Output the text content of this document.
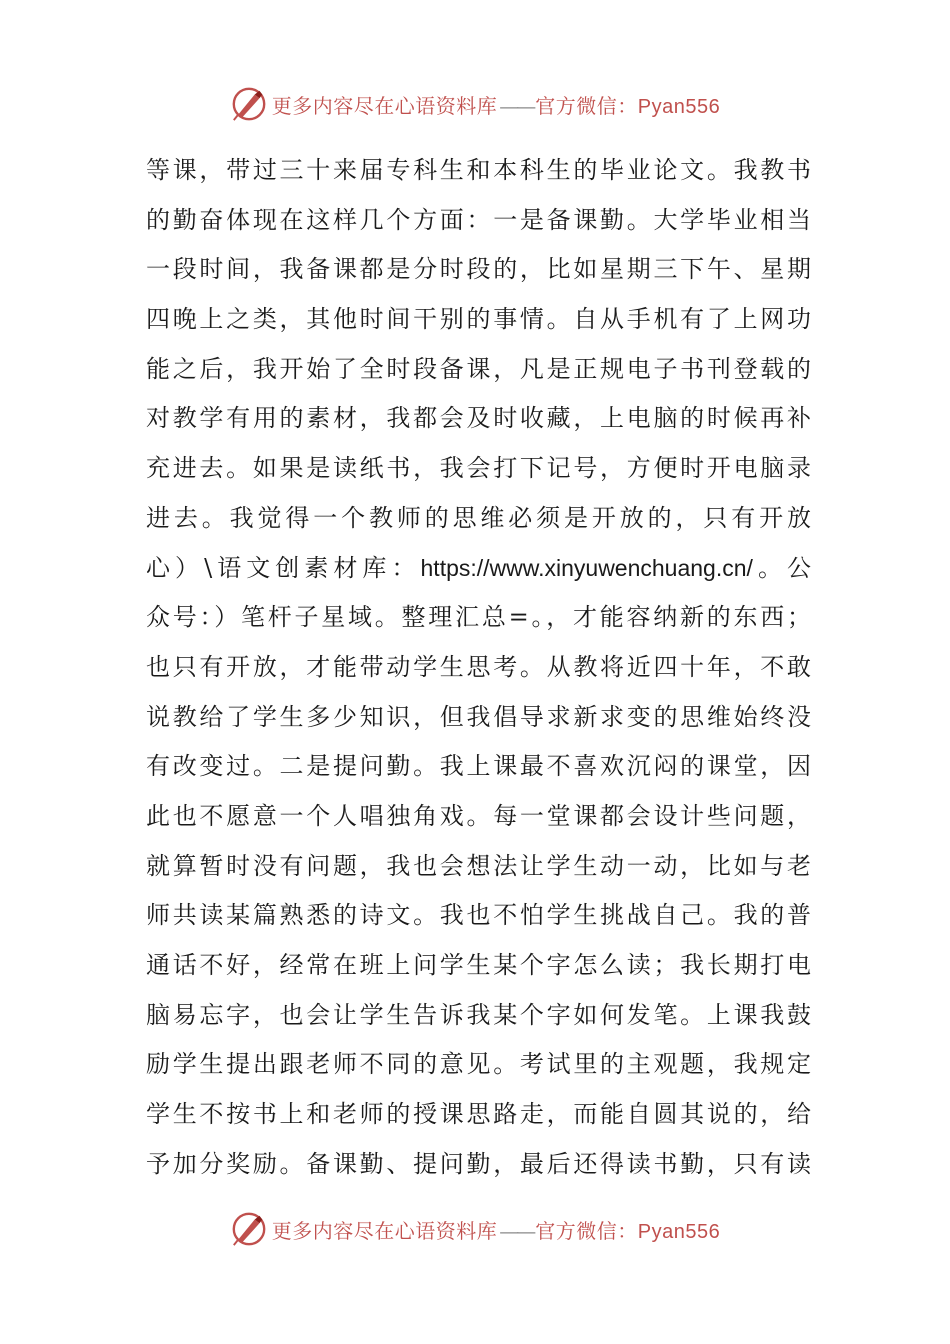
更多内容尽在心语资料库 —— 官方微信：Pyan556
等课，带过三十来届专科生和本科生的毕业论文。我教书
的勤奋体现在这样几个方面：一是备课勤。大学毕业相当
一段时间，我备课都是分时段的，比如星期三下午、星期
四晚上之类，其他时间干别的事情。自从手机有了上网功
能之后，我开始了全时段备课，凡是正规电子书刊登载的
对教学有用的素材，我都会及时收藏，上电脑的时候再补
充进去。如果是读纸书，我会打下记号，方便时开电脑录
进去。我觉得一个教师的思维必须是开放的，只有开放
心）\语文创素材库：https://www.xinyuwenchuang.cn/。公
众号：）笔杆子星域。整理汇总=。，才能容纳新的东西；
也只有开放，才能带动学生思考。从教将近四十年，不敢
说教给了学生多少知识，但我倡导求新求变的思维始终没
有改变过。二是提问勤。我上课最不喜欢沉闷的课堂，因
此也不愿意一个人唱独角戏。每一堂课都会设计些问题，
就算暂时没有问题，我也会想法让学生动一动，比如与老
师共读某篇熟悉的诗文。我也不怕学生挑战自己。我的普
通话不好，经常在班上问学生某个字怎么读；我长期打电
脑易忘字，也会让学生告诉我某个字如何发笔。上课我鼓
励学生提出跟老师不同的意见。考试里的主观题，我规定
学生不按书上和老师的授课思路走，而能自圆其说的，给
予加分奖励。备课勤、提问勤，最后还得读书勤，只有读
更多内容尽在心语资料库 —— 官方微信：Pyan556
